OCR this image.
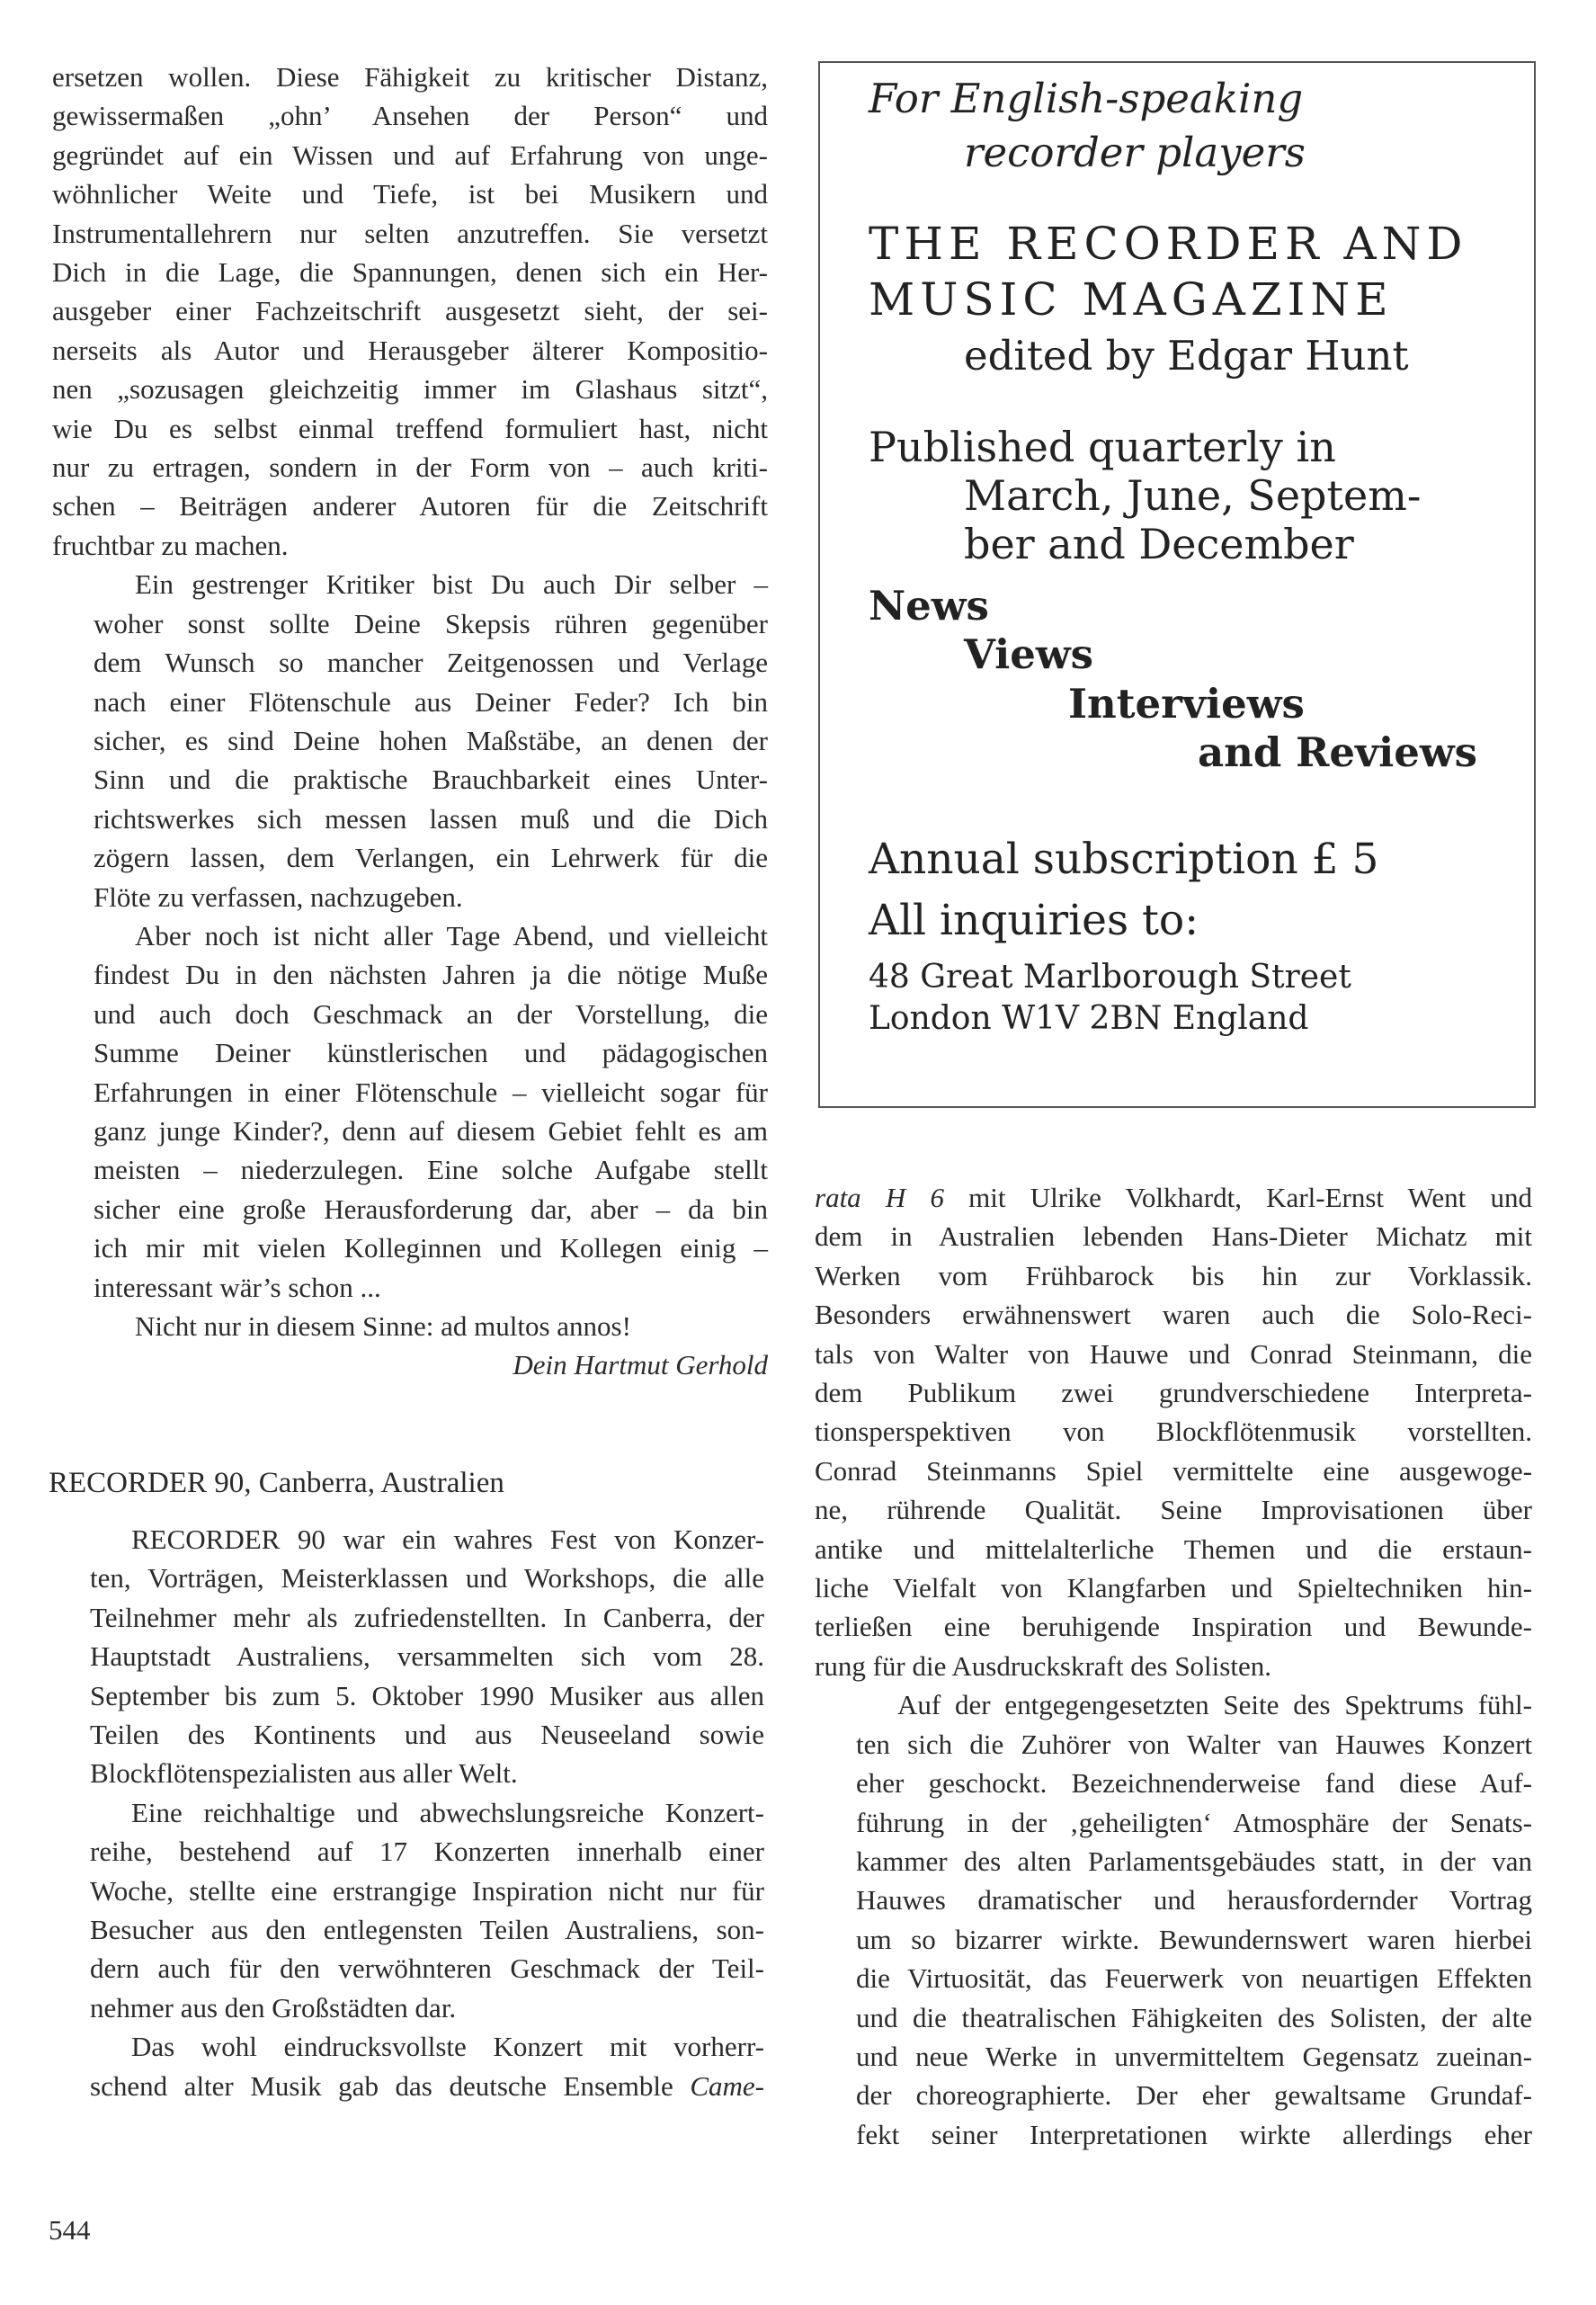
ersetzen wollen. Diese Fähigkeit zu kritischer Distanz,
gewissermaßen „ohn’ Ansehen der Person“ und
gegründet auf ein Wissen und auf Erfahrung von unge-
wöhnlicher Weite und Tiefe, ist bei Musikern und
Instrumentallehrern nur selten anzutreffen. Sie versetzt
Dich in die Lage, die Spannungen, denen sich ein Her-
ausgeber einer Fachzeitschrift ausgesetzt sieht, der sei-
nerseits als Autor und Herausgeber älterer Kompositio-
nen „sozusagen gleichzeitig immer im Glashaus sitzt“,
wie Du es selbst einmal treffend formuliert hast, nicht
nur zu ertragen, sondern in der Form von – auch kriti-
schen – Beiträgen anderer Autoren für die Zeitschrift
fruchtbar zu machen.

Ein gestrenger Kritiker bist Du auch Dir selber –
woher sonst sollte Deine Skepsis rühren gegenüber
dem Wunsch so mancher Zeitgenossen und Verlage
nach einer Flötenschule aus Deiner Feder? Ich bin
sicher, es sind Deine hohen Maßstäbe, an denen der
Sinn und die praktische Brauchbarkeit eines Unter-
richtswerkes sich messen lassen muß und die Dich
zögern lassen, dem Verlangen, ein Lehrwerk für die
Flöte zu verfassen, nachzugeben.

Aber noch ist nicht aller Tage Abend, und vielleicht
findest Du in den nächsten Jahren ja die nötige Muße
und auch doch Geschmack an der Vorstellung, die
Summe Deiner künstlerischen und pädagogischen
Erfahrungen in einer Flötenschule – vielleicht sogar für
ganz junge Kinder?, denn auf diesem Gebiet fehlt es am
meisten – niederzulegen. Eine solche Aufgabe stellt
sicher eine große Herausforderung dar, aber – da bin
ich mir mit vielen Kolleginnen und Kollegen einig –
interessant wär’s schon ...

Nicht nur in diesem Sinne: ad multos annos!

Dein Hartmut Gerhold
RECORDER 90, Canberra, Australien

RECORDER 90 war ein wahres Fest von Konzer-
ten, Vorträgen, Meisterklassen und Workshops, die alle
Teilnehmer mehr als zufriedenstellten. In Canberra, der
Hauptstadt Australiens, versammelten sich vom 28.
September bis zum 5. Oktober 1990 Musiker aus allen
Teilen des Kontinents und aus Neuseeland sowie
Blockflötenspezialisten aus aller Welt.

Eine reichhaltige und abwechslungsreiche Konzert-
reihe, bestehend auf 17 Konzerten innerhalb einer
Woche, stellte eine erstrangige Inspiration nicht nur für
Besucher aus den entlegensten Teilen Australiens, son-
dern auch für den verwöhnteren Geschmack der Teil-
nehmer aus den Großstädten dar.

Das wohl eindrucksvollste Konzert mit vorherr-
schend alter Musik gab das deutsche Ensemble Came-

For English-speaking
recorder players
THE RECORDER AND
MUSIC MAGAZINE
edited by Edgar Hunt
Published quarterly in
March, June, Septem-
ber and December
News
Views
Interviews
and Reviews
Annual subscription £ 5
All inquiries to:
48 Great Marlborough Street
London W1V 2BN England

rata H 6 mit Ulrike Volkhardt, Karl-Ernst Went und

dem in Australien lebenden Hans-Dieter Michatz mit
Werken vom Frühbarock bis hin zur Vorklassik.
Besonders erwähnenswert waren auch die Solo-Reci-
tals von Walter von Hauwe und Conrad Steinmann, die
dem Publikum zwei grundverschiedene Interpreta-
tionsperspektiven von Blockflötenmusik vorstellten.
Conrad Steinmanns Spiel vermittelte eine ausgewoge-
ne, rührende Qualität. Seine Improvisationen über
antike und mittelalterliche Themen und die erstaun-
liche Vielfalt von Klangfarben und Spieltechniken hin-
terließen eine beruhigende Inspiration und Bewunde-
rung für die Ausdruckskraft des Solisten.

Auf der entgegengesetzten Seite des Spektrums fühl-
ten sich die Zuhörer von Walter van Hauwes Konzert
eher geschockt. Bezeichnenderweise fand diese Auf-
führung in der ‚geheiligten‘ Atmosphäre der Senats-
kammer des alten Parlamentsgebäudes statt, in der van
Hauwes dramatischer und herausfordernder Vortrag
um so bizarrer wirkte. Bewundernswert waren hierbei
die Virtuosität, das Feuerwerk von neuartigen Effekten
und die theatralischen Fähigkeiten des Solisten, der alte
und neue Werke in unvermitteltem Gegensatz zueinan-
der choreographierte. Der eher gewaltsame Grundaf-
fekt seiner Interpretationen wirkte allerdings eher

544
